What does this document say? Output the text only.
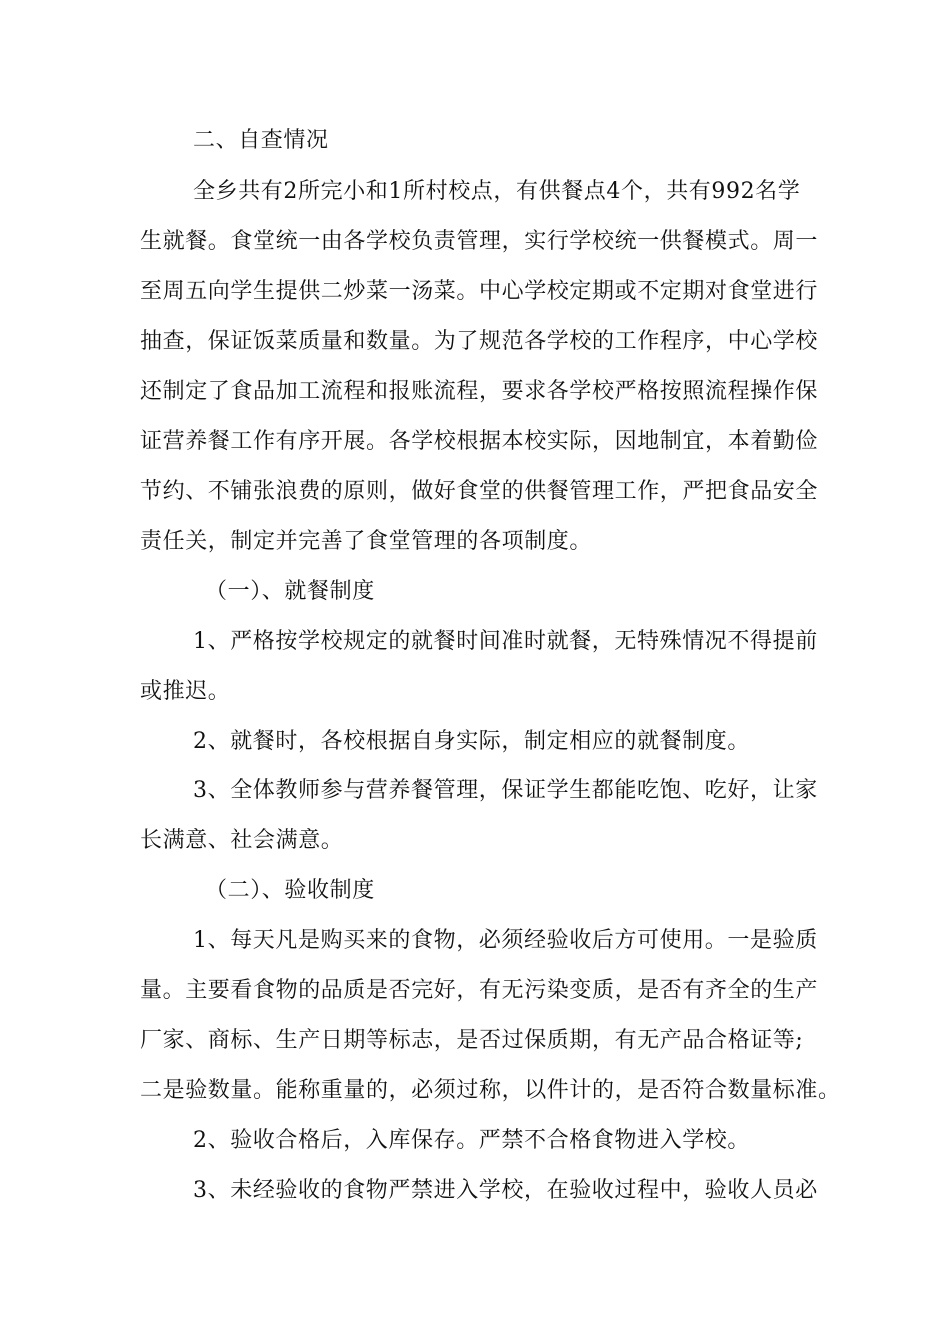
二、自查情况
全乡共有2所完小和1所村校点，有供餐点4个，共有992名学
生就餐。食堂统一由各学校负责管理，实行学校统一供餐模式。周一
至周五向学生提供二炒菜一汤菜。中心学校定期或不定期对食堂进行
抽查，保证饭菜质量和数量。为了规范各学校的工作程序，中心学校
还制定了食品加工流程和报账流程，要求各学校严格按照流程操作保
证营养餐工作有序开展。各学校根据本校实际，因地制宜，本着勤俭
节约、不铺张浪费的原则，做好食堂的供餐管理工作，严把食品安全
责任关，制定并完善了食堂管理的各项制度。
（一）、就餐制度
1、严格按学校规定的就餐时间准时就餐，无特殊情况不得提前
或推迟。
2、就餐时，各校根据自身实际，制定相应的就餐制度。
3、全体教师参与营养餐管理，保证学生都能吃饱、吃好，让家
长满意、社会满意。
（二）、验收制度
1、每天凡是购买来的食物，必须经验收后方可使用。一是验质
量。主要看食物的品质是否完好，有无污染变质，是否有齐全的生产
厂家、商标、生产日期等标志，是否过保质期，有无产品合格证等;
二是验数量。能称重量的，必须过称，以件计的，是否符合数量标准。
2、验收合格后，入库保存。严禁不合格食物进入学校。
3、未经验收的食物严禁进入学校，在验收过程中，验收人员必
